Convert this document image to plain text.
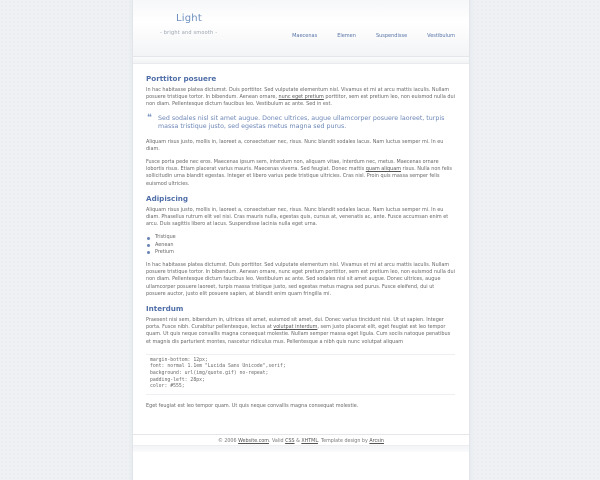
Light
- bright and smooth -	Maecenas	Elemen	Suspendisse	Vestibulum
Porttitor posuere

In hac habitasse platea dictumst. Duis porttitor. Sed vulputate elementum nisl. Vivamus et mi at arcu mattis iaculis. Nullam posuere tristique tortor. In bibendum. Aenean ornare, nunc eget pretium porttitor, sem est pretium leo, non euismod nulla dui non diam. Pellentesque dictum faucibus leo. Vestibulum ac ante. Sed in est.

❝ Sed sodales nisl sit amet augue. Donec ultrices, augue ullamcorper posuere laoreet, turpis massa tristique justo, sed egestas metus magna sed purus.

Aliquam risus justo, mollis in, laoreet a, consectetuer nec, risus. Nunc blandit sodales lacus. Nam luctus semper mi. In eu diam.

Fusce porta pede nec eros. Maecenas ipsum sem, interdum non, aliquam vitae, interdum nec, metus. Maecenas ornare lobortis risus. Etiam placerat varius mauris. Maecenas viverra. Sed feugiat. Donec mattis quam aliquam risus. Nulla non felis sollicitudin urna blandit egestas. Integer et libero varius pede tristique ultricies. Cras nisl. Proin quis massa semper felis euismod ultricies.

Adipiscing

Aliquam risus justo, mollis in, laoreet a, consectetuer nec, risus. Nunc blandit sodales lacus. Nam luctus semper mi. In eu diam. Phasellus rutrum elit vel nisi. Cras mauris nulla, egestas quis, cursus at, venenatis ac, ante. Fusce accumsan enim et arcu. Duis sagittis libero at lacus. Suspendisse lacinia nulla eget urna.

Tristique
Aenean
Pretium

In hac habitasse platea dictumst. Duis porttitor. Sed vulputate elementum nisl. Vivamus et mi at arcu mattis iaculis. Nullam posuere tristique tortor. In bibendum. Aenean ornare, nunc eget pretium porttitor, sem est pretium leo, non euismod nulla dui non diam. Pellentesque dictum faucibus leo. Vestibulum ac ante. Sed sodales nisl sit amet augue. Donec ultrices, augue ullamcorper posuere laoreet, turpis massa tristique justo, sed egestas metus magna sed purus. Fusce eleifend, dui ut posuere auctor, justo elit posuere sapien, at blandit enim quam fringilla mi.

Interdum

Praesent nisi sem, bibendum in, ultrices sit amet, euismod sit amet, dui. Donec varius tincidunt nisi. Ut ut sapien. Integer porta. Fusce nibh. Curabitur pellentesque, lectus at volutpat interdum, sem justo placerat elit, eget feugiat est leo tempor quam. Ut quis neque convallis magna consequat molestie. Nullam semper massa eget ligula. Cum sociis natoque penatibus et magnis dis parturient montes, nascetur ridiculus mus. Pellentesque a nibh quis nunc volutpat aliquam

margin-bottom: 12px;
font: normal 1.1em "Lucida Sans Unicode",serif;
background: url(img/quote.gif) no-repeat;
padding-left: 28px;
color: #555;

Eget feugiat est leo tempor quam. Ut quis neque convallis magna consequat molestie.

© 2006 Website.com. Valid CSS & XHTML. Template design by Arcsin
